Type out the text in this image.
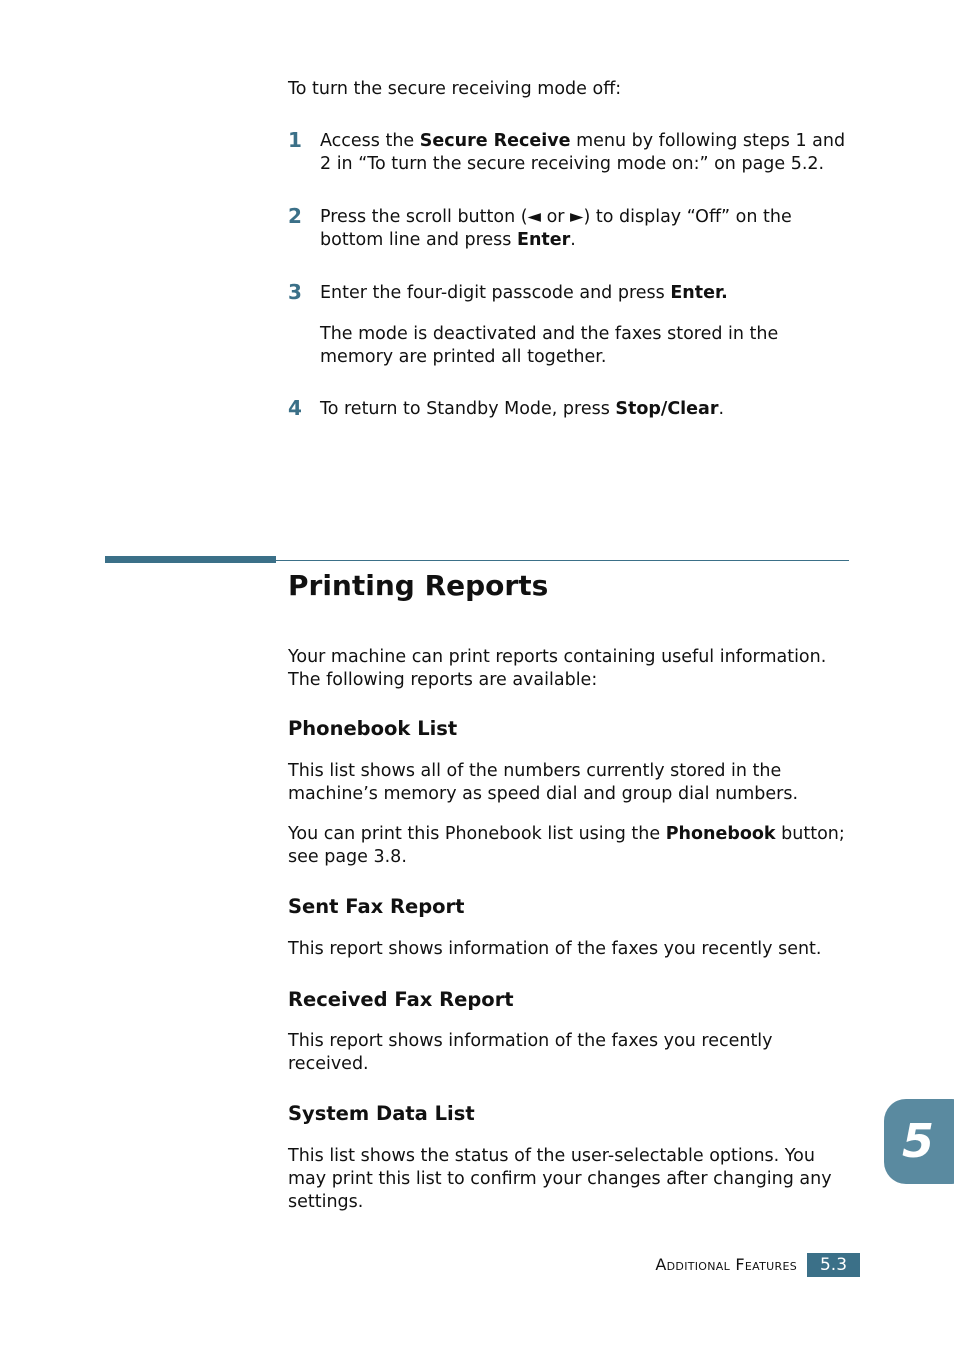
To turn the secure receiving mode off:
1 Access the Secure Receive menu by following steps 1 and 2 in “To turn the secure receiving mode on:” on page 5.2.
2 Press the scroll button (◄ or ►) to display “Off” on the bottom line and press Enter.
3 Enter the four-digit passcode and press Enter.
The mode is deactivated and the faxes stored in the memory are printed all together.
4 To return to Standby Mode, press Stop/Clear.
Printing Reports
Your machine can print reports containing useful information. The following reports are available:
Phonebook List
This list shows all of the numbers currently stored in the machine’s memory as speed dial and group dial numbers.
You can print this Phonebook list using the Phonebook button; see page 3.8.
Sent Fax Report
This report shows information of the faxes you recently sent.
Received Fax Report
This report shows information of the faxes you recently received.
System Data List
This list shows the status of the user-selectable options. You may print this list to confirm your changes after changing any settings.
5
Additional Features	5.3
